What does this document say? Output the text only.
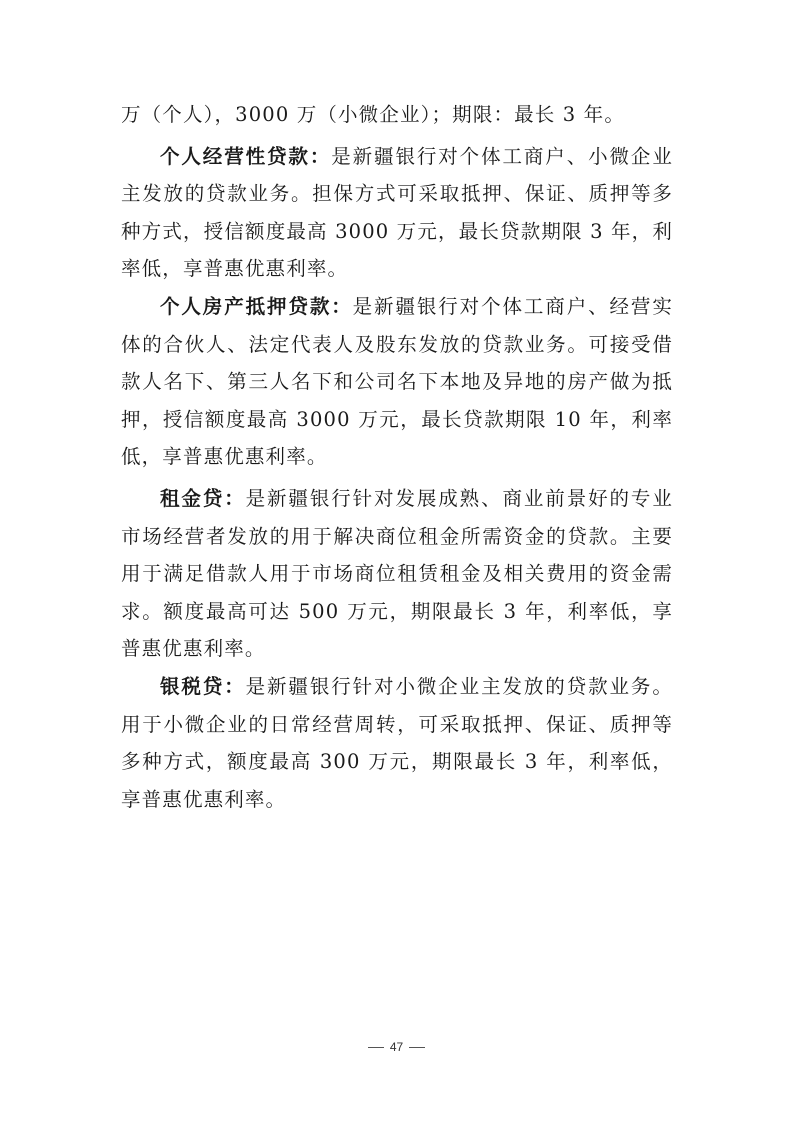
万（个人），3000 万（小微企业）；期限：最长 3 年。

个人经营性贷款：是新疆银行对个体工商户、小微企业主发放的贷款业务。担保方式可采取抵押、保证、质押等多种方式，授信额度最高 3000 万元，最长贷款期限 3 年，利率低，享普惠优惠利率。

个人房产抵押贷款：是新疆银行对个体工商户、经营实体的合伙人、法定代表人及股东发放的贷款业务。可接受借款人名下、第三人名下和公司名下本地及异地的房产做为抵押，授信额度最高 3000 万元，最长贷款期限 10 年，利率低，享普惠优惠利率。

租金贷：是新疆银行针对发展成熟、商业前景好的专业市场经营者发放的用于解决商位租金所需资金的贷款。主要用于满足借款人用于市场商位租赁租金及相关费用的资金需求。额度最高可达 500 万元，期限最长 3 年，利率低，享普惠优惠利率。

银税贷：是新疆银行针对小微企业主发放的贷款业务。用于小微企业的日常经营周转，可采取抵押、保证、质押等多种方式，额度最高 300 万元，期限最长 3 年，利率低，享普惠优惠利率。

47
